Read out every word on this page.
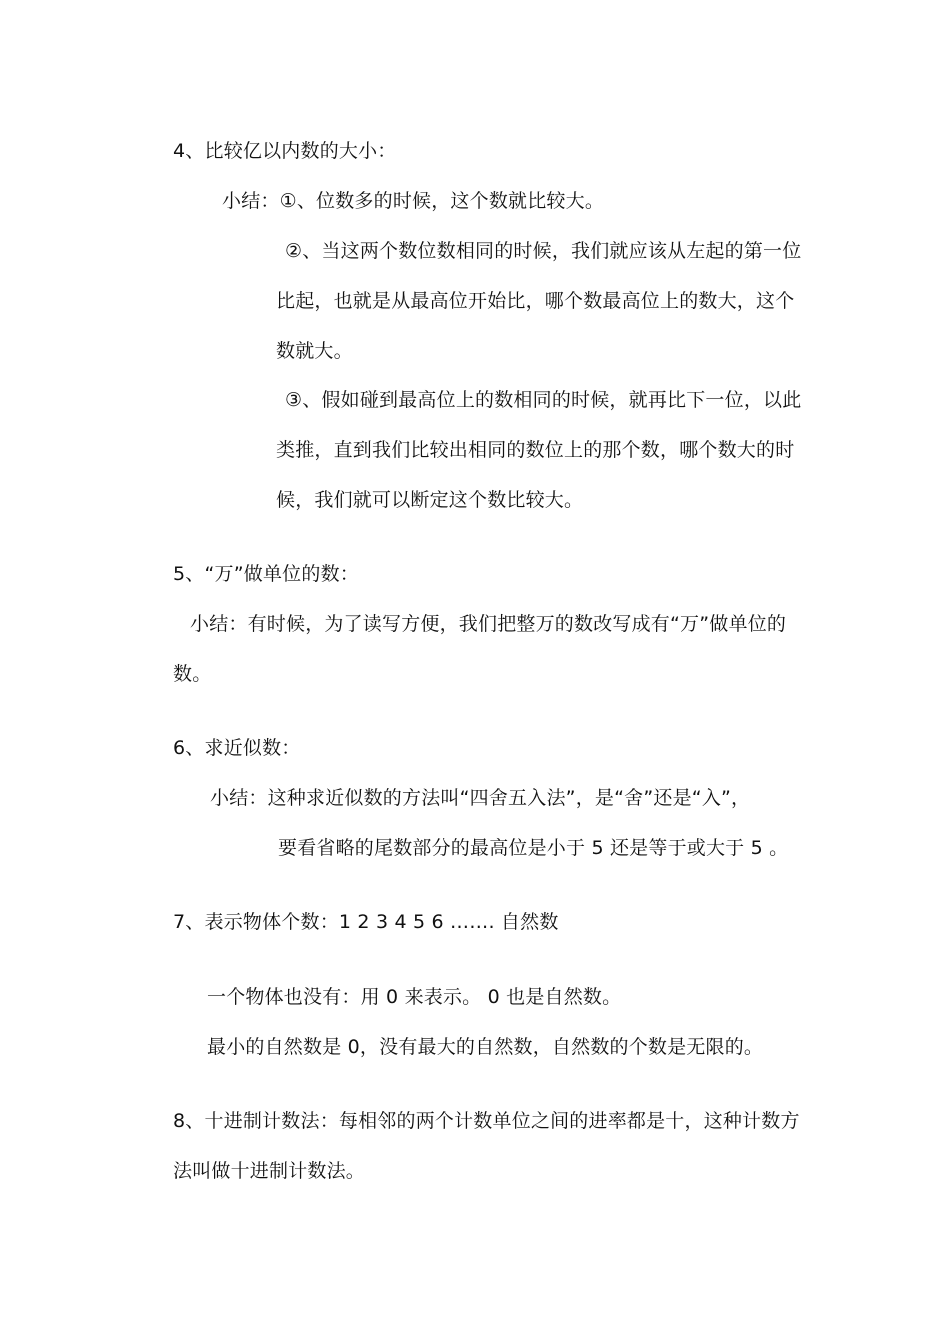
4、比较亿以内数的大小：
小结：①、位数多的时候，这个数就比较大。
②、当这两个数位数相同的时候，我们就应该从左起的第一位
比起，也就是从最高位开始比，哪个数最高位上的数大，这个
数就大。
③、假如碰到最高位上的数相同的时候，就再比下一位，以此
类推，直到我们比较出相同的数位上的那个数，哪个数大的时
候，我们就可以断定这个数比较大。
5、“万”做单位的数：
小结：有时候，为了读写方便，我们把整万的数改写成有“万”做单位的
数。
6、求近似数：
小结：这种求近似数的方法叫“四舍五入法”，是“舍”还是“入”，
要看省略的尾数部分的最高位是小于 5 还是等于或大于 5 。
7、表示物体个数：1 2 3 4 5 6 ……. 自然数
一个物体也没有：用 0 来表示。 0 也是自然数。
最小的自然数是 0，没有最大的自然数，自然数的个数是无限的。
8、十进制计数法：每相邻的两个计数单位之间的进率都是十，这种计数方
法叫做十进制计数法。
